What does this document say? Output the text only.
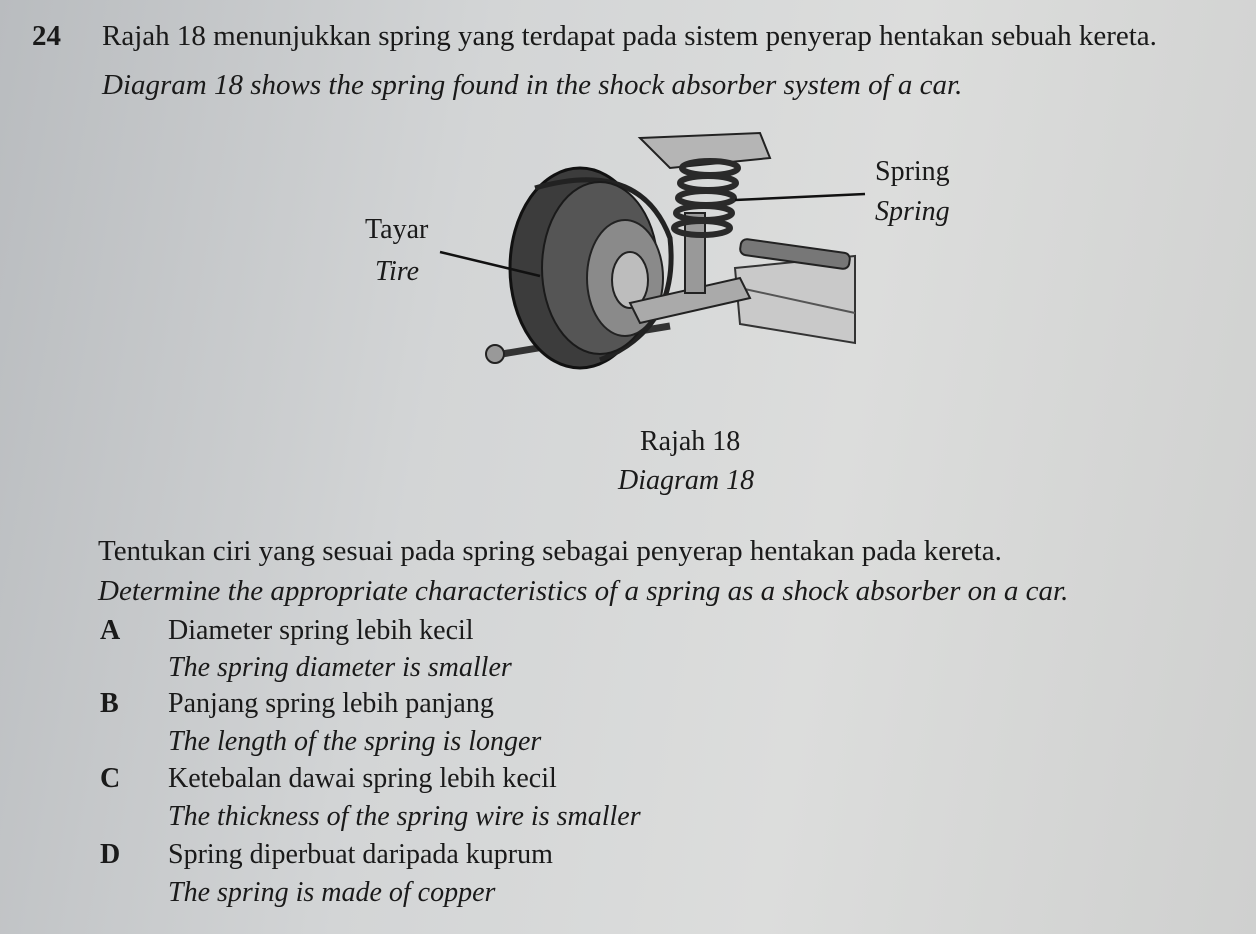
24 Rajah 18 menunjukkan spring yang terdapat pada sistem penyerap hentakan sebuah kereta.
Diagram 18 shows the spring found in the shock absorber system of a car.
Spring
Spring
Tayar
Tire
Rajah 18
Diagram 18
Tentukan ciri yang sesuai pada spring sebagai penyerap hentakan pada kereta.
Determine the appropriate characteristics of a spring as a shock absorber on a car.
A Diameter spring lebih kecil
The spring diameter is smaller
B Panjang spring lebih panjang
The length of the spring is longer
C Ketebalan dawai spring lebih kecil
The thickness of the spring wire is smaller
D Spring diperbuat daripada kuprum
The spring is made of copper
